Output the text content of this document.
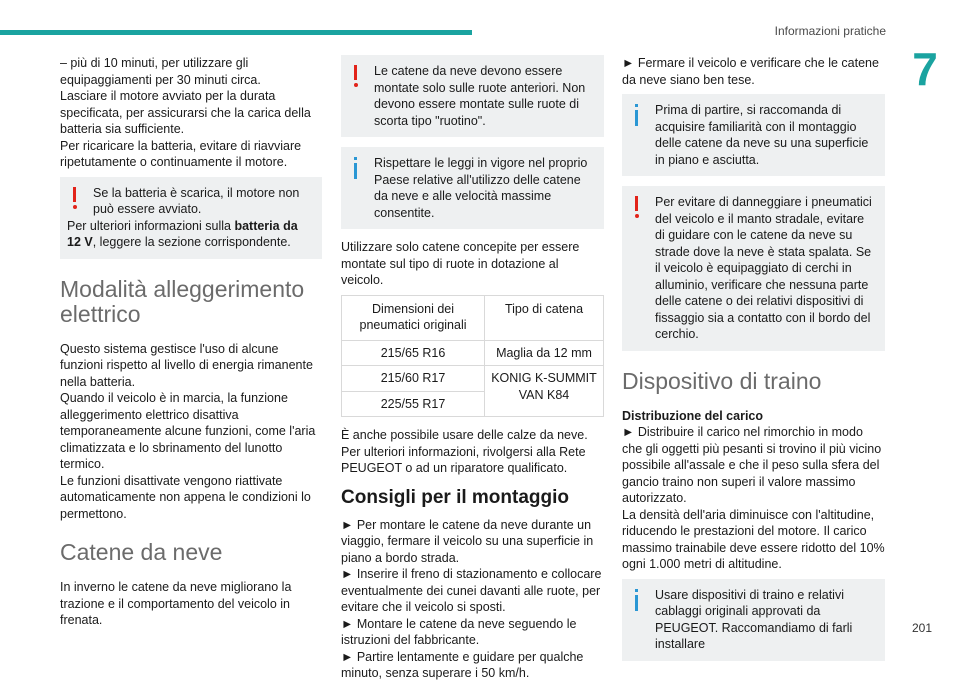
Informazioni pratiche
7

– più di 10 minuti, per utilizzare gli equipaggiamenti per 30 minuti circa.

Lasciare il motore avviato per la durata specificata, per assicurarsi che la carica della batteria sia sufficiente.

Per ricaricare la batteria, evitare di riavviare ripetutamente o continuamente il motore.

Se la batteria è scarica, il motore non può essere avviato.

Per ulteriori informazioni sulla batteria da 12 V, leggere la sezione corrispondente.

Modalità alleggerimento elettrico

Questo sistema gestisce l'uso di alcune funzioni rispetto al livello di energia rimanente nella batteria.

Quando il veicolo è in marcia, la funzione alleggerimento elettrico disattiva temporaneamente alcune funzioni, come l'aria climatizzata e lo sbrinamento del lunotto termico.

Le funzioni disattivate vengono riattivate automaticamente non appena le condizioni lo permettono.

Catene da neve

In inverno le catene da neve migliorano la trazione e il comportamento del veicolo in frenata.

Le catene da neve devono essere montate solo sulle ruote anteriori. Non devono essere montate sulle ruote di scorta tipo "ruotino".

Rispettare le leggi in vigore nel proprio Paese relative all'utilizzo delle catene da neve e alle velocità massime consentite.

Utilizzare solo catene concepite per essere montate sul tipo di ruote in dotazione al veicolo.

Dimensioni dei pneumatici originali	Tipo di catena
215/65 R16	Maglia da 12 mm
215/60 R17	KONIG K-SUMMIT VAN K84
225/55 R17	

È anche possibile usare delle calze da neve.

Per ulteriori informazioni, rivolgersi alla Rete PEUGEOT o ad un riparatore qualificato.

Consigli per il montaggio

► Per montare le catene da neve durante un viaggio, fermare il veicolo su una superficie in piano a bordo strada.

► Inserire il freno di stazionamento e collocare eventualmente dei cunei davanti alle ruote, per evitare che il veicolo si sposti.

► Montare le catene da neve seguendo le istruzioni del fabbricante.

► Partire lentamente e guidare per qualche minuto, senza superare i 50 km/h.

► Fermare il veicolo e verificare che le catene da neve siano ben tese.

Prima di partire, si raccomanda di acquisire familiarità con il montaggio delle catene da neve su una superficie in piano e asciutta.

Per evitare di danneggiare i pneumatici del veicolo e il manto stradale, evitare di guidare con le catene da neve su strade dove la neve è stata spalata. Se il veicolo è equipaggiato di cerchi in alluminio, verificare che nessuna parte delle catene o dei relativi dispositivi di fissaggio sia a contatto con il bordo del cerchio.

Dispositivo di traino

Distribuzione del carico

► Distribuire il carico nel rimorchio in modo che gli oggetti più pesanti si trovino il più vicino possibile all'assale e che il peso sulla sfera del gancio traino non superi il valore massimo autorizzato.

La densità dell'aria diminuisce con l'altitudine, riducendo le prestazioni del motore. Il carico massimo trainabile deve essere ridotto del 10% ogni 1.000 metri di altitudine.

Usare dispositivi di traino e relativi cablaggi originali approvati da PEUGEOT. Raccomandiamo di farli installare

201
